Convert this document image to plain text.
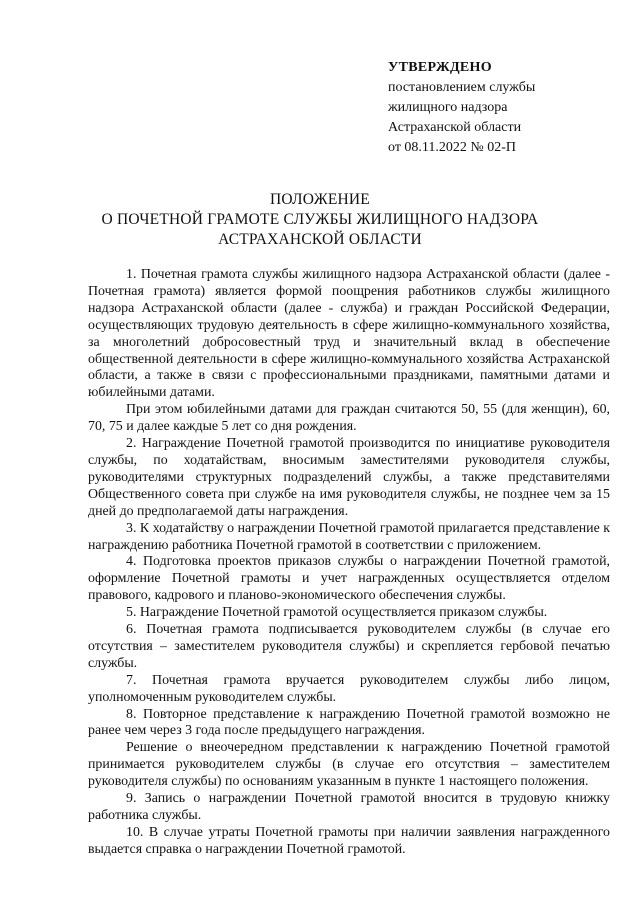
УТВЕРЖДЕНО
постановлением службы
жилищного надзора
Астраханской области
от 08.11.2022 № 02-П
ПОЛОЖЕНИЕ
О ПОЧЕТНОЙ ГРАМОТЕ СЛУЖБЫ ЖИЛИЩНОГО НАДЗОРА
АСТРАХАНСКОЙ ОБЛАСТИ

1. Почетная грамота службы жилищного надзора Астраханской области (далее - Почетная грамота) является формой поощрения работников службы жилищного надзора Астраханской области (далее - служба) и граждан Российской Федерации, осуществляющих трудовую деятельность в сфере жилищно-коммунального хозяйства, за многолетний добросовестный труд и значительный вклад в обеспечение общественной деятельности в сфере жилищно-коммунального хозяйства Астраханской области, а также в связи с профессиональными праздниками, памятными датами и юбилейными датами.

При этом юбилейными датами для граждан считаются 50, 55 (для женщин), 60, 70, 75 и далее каждые 5 лет со дня рождения.

2. Награждение Почетной грамотой производится по инициативе руководителя службы, по ходатайствам, вносимым заместителями руководителя службы, руководителями структурных подразделений службы, а также представителями Общественного совета при службе на имя руководителя службы, не позднее чем за 15 дней до предполагаемой даты награждения.

3. К ходатайству о награждении Почетной грамотой прилагается представление к награждению работника Почетной грамотой в соответствии с приложением.

4. Подготовка проектов приказов службы о награждении Почетной грамотой, оформление Почетной грамоты и учет награжденных осуществляется отделом правового, кадрового и планово-экономического обеспечения службы.

5. Награждение Почетной грамотой осуществляется приказом службы.

6. Почетная грамота подписывается руководителем службы (в случае его отсутствия – заместителем руководителя службы) и скрепляется гербовой печатью службы.

7. Почетная грамота вручается руководителем службы либо лицом, уполномоченным руководителем службы.

8. Повторное представление к награждению Почетной грамотой возможно не ранее чем через 3 года после предыдущего награждения.

Решение о внеочередном представлении к награждению Почетной грамотой принимается руководителем службы (в случае его отсутствия – заместителем руководителя службы) по основаниям указанным в пункте 1 настоящего положения.

9. Запись о награждении Почетной грамотой вносится в трудовую книжку работника службы.

10. В случае утраты Почетной грамоты при наличии заявления награжденного выдается справка о награждении Почетной грамотой.
